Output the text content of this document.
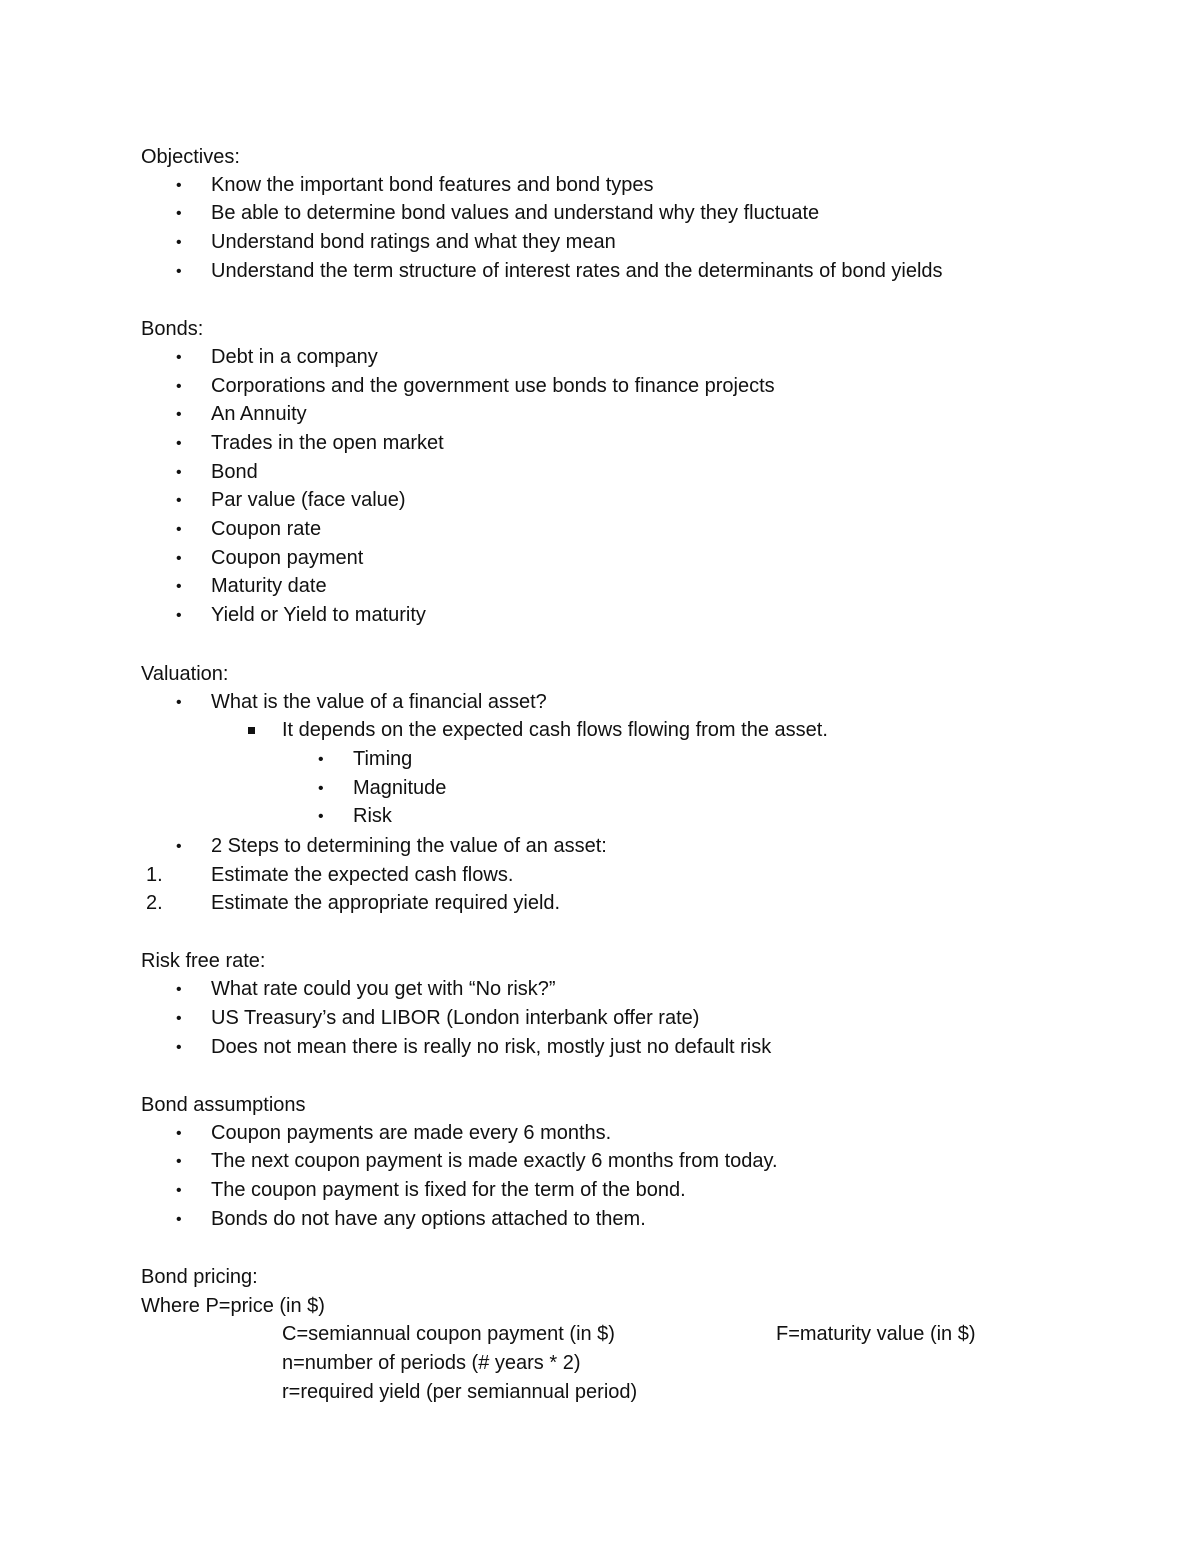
Objectives:
• Know the important bond features and bond types
• Be able to determine bond values and understand why they fluctuate
• Understand bond ratings and what they mean
• Understand the term structure of interest rates and the determinants of bond yields
Bonds:
• Debt in a company
• Corporations and the government use bonds to finance projects
• An Annuity
• Trades in the open market
• Bond
• Par value (face value)
• Coupon rate
• Coupon payment
• Maturity date
• Yield or Yield to maturity
Valuation:
• What is the value of a financial asset?
It depends on the expected cash flows flowing from the asset.
• Timing
• Magnitude
• Risk
• 2 Steps to determining the value of an asset:
1. Estimate the expected cash flows.
2. Estimate the appropriate required yield.
Risk free rate:
• What rate could you get with “No risk?”
• US Treasury’s and LIBOR (London interbank offer rate)
• Does not mean there is really no risk, mostly just no default risk
Bond assumptions
• Coupon payments are made every 6 months.
• The next coupon payment is made exactly 6 months from today.
• The coupon payment is fixed for the term of the bond.
• Bonds do not have any options attached to them.
Bond pricing:
Where P=price (in $)
C=semiannual coupon payment (in $)	F=maturity value (in $)
n=number of periods (# years * 2)
r=required yield (per semiannual period)
